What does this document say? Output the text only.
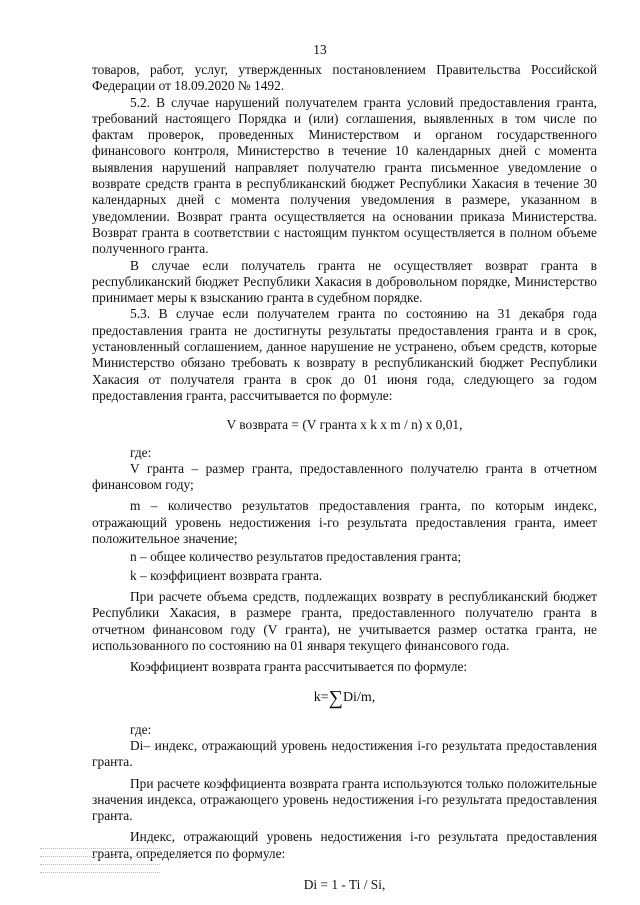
13

товаров, работ, услуг, утвержденных постановлением Правительства Российской Федерации от 18.09.2020 № 1492.

5.2. В случае нарушений получателем гранта условий предоставления гранта, требований настоящего Порядка и (или) соглашения, выявленных в том числе по фактам проверок, проведенных Министерством и органом государственного финансового контроля, Министерство в течение 10 календарных дней с момента выявления нарушений направляет получателю гранта письменное уведомление о возврате средств гранта в республиканский бюджет Республики Хакасия в течение 30 календарных дней с момента получения уведомления в размере, указанном в уведомлении. Возврат гранта осуществляется на основании приказа Министерства. Возврат гранта в соответствии с настоящим пунктом осуществляется в полном объеме полученного гранта.

В случае если получатель гранта не осуществляет возврат гранта в республиканский бюджет Республики Хакасия в добровольном порядке, Министерство принимает меры к взысканию гранта в судебном порядке.

5.3. В случае если получателем гранта по состоянию на 31 декабря года предоставления гранта не достигнуты результаты предоставления гранта и в срок, установленный соглашением, данное нарушение не устранено, объем средств, которые Министерство обязано требовать к возврату в республиканский бюджет Республики Хакасия от получателя гранта в срок до 01 июня года, следующего за годом предоставления гранта, рассчитывается по формуле:

V возврата = (V гранта x k x m / n) x 0,01,

где:

V гранта – размер гранта, предоставленного получателю гранта в отчетном финансовом году;

m – количество результатов предоставления гранта, по которым индекс, отражающий уровень недостижения i-го результата предоставления гранта, имеет положительное значение;

n – общее количество результатов предоставления гранта;

k – коэффициент возврата гранта.

При расчете объема средств, подлежащих возврату в республиканский бюджет Республики Хакасия, в размере гранта, предоставленного получателю гранта в отчетном финансовом году (V гранта), не учитывается размер остатка гранта, не использованного по состоянию на 01 января текущего финансового года.

Коэффициент возврата гранта рассчитывается по формуле:

k=∑Di/m,

где:

Di– индекс, отражающий уровень недостижения i-го результата предоставления гранта.

При расчете коэффициента возврата гранта используются только положительные значения индекса, отражающего уровень недостижения i-го результата предоставления гранта.

Индекс, отражающий уровень недостижения i-го результата предоставления гранта, определяется по формуле:

Di = 1 - Ti / Si,
